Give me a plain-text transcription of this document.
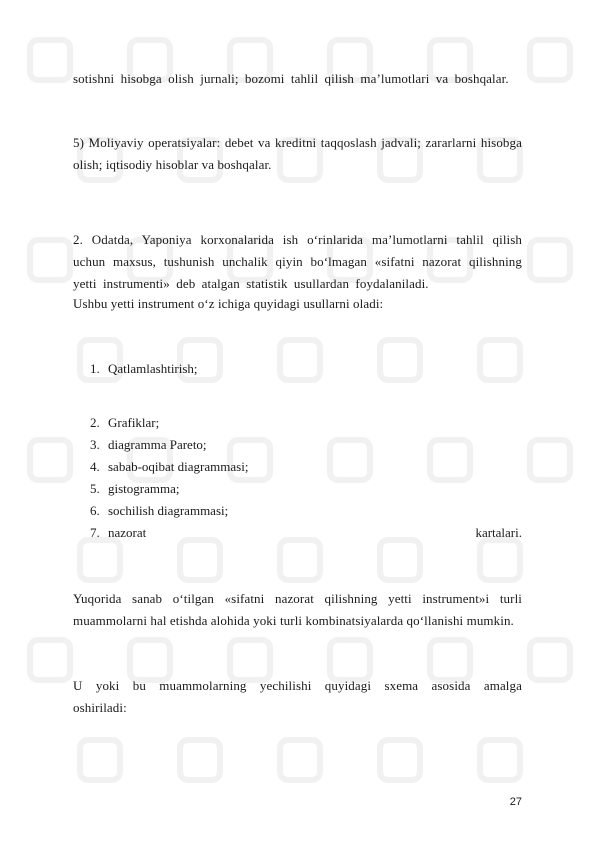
sotishni hisobga olish jurnali; bozomi tahlil qilish ma’lumotlari va boshqalar.
5) Moliyaviy operatsiyalar: debet va kreditni taqqoslash jadvali; zararlarni hisobga olish; iqtisodiy hisoblar va boshqalar.
2. Odatda, Yaponiya korxonalarida ish o‘rinlarida ma’lumotlarni tahlil qilish uchun maxsus, tushunish unchalik qiyin bo‘lmagan «sifatni nazorat qilishning yetti instrumenti» deb atalgan statistik usullardan foydalaniladi.
Ushbu yetti instrument o‘z ichiga quyidagi usullarni oladi:
1. Qatlamlashtirish;
2. Grafiklar;
3. diagramma Pareto;
4. sabab-oqibat diagrammasi;
5. gistogramma;
6. sochilish diagrammasi;
7. nazorat	kartalari.
Yuqorida sanab o‘tilgan «sifatni nazorat qilishning yetti instrument»i turli muammolarni hal etishda alohida yoki turli kombinatsiyalarda qo‘llanishi mumkin.
U yoki bu muammolarning yechilishi quyidagi sxema asosida amalga oshiriladi:
27
